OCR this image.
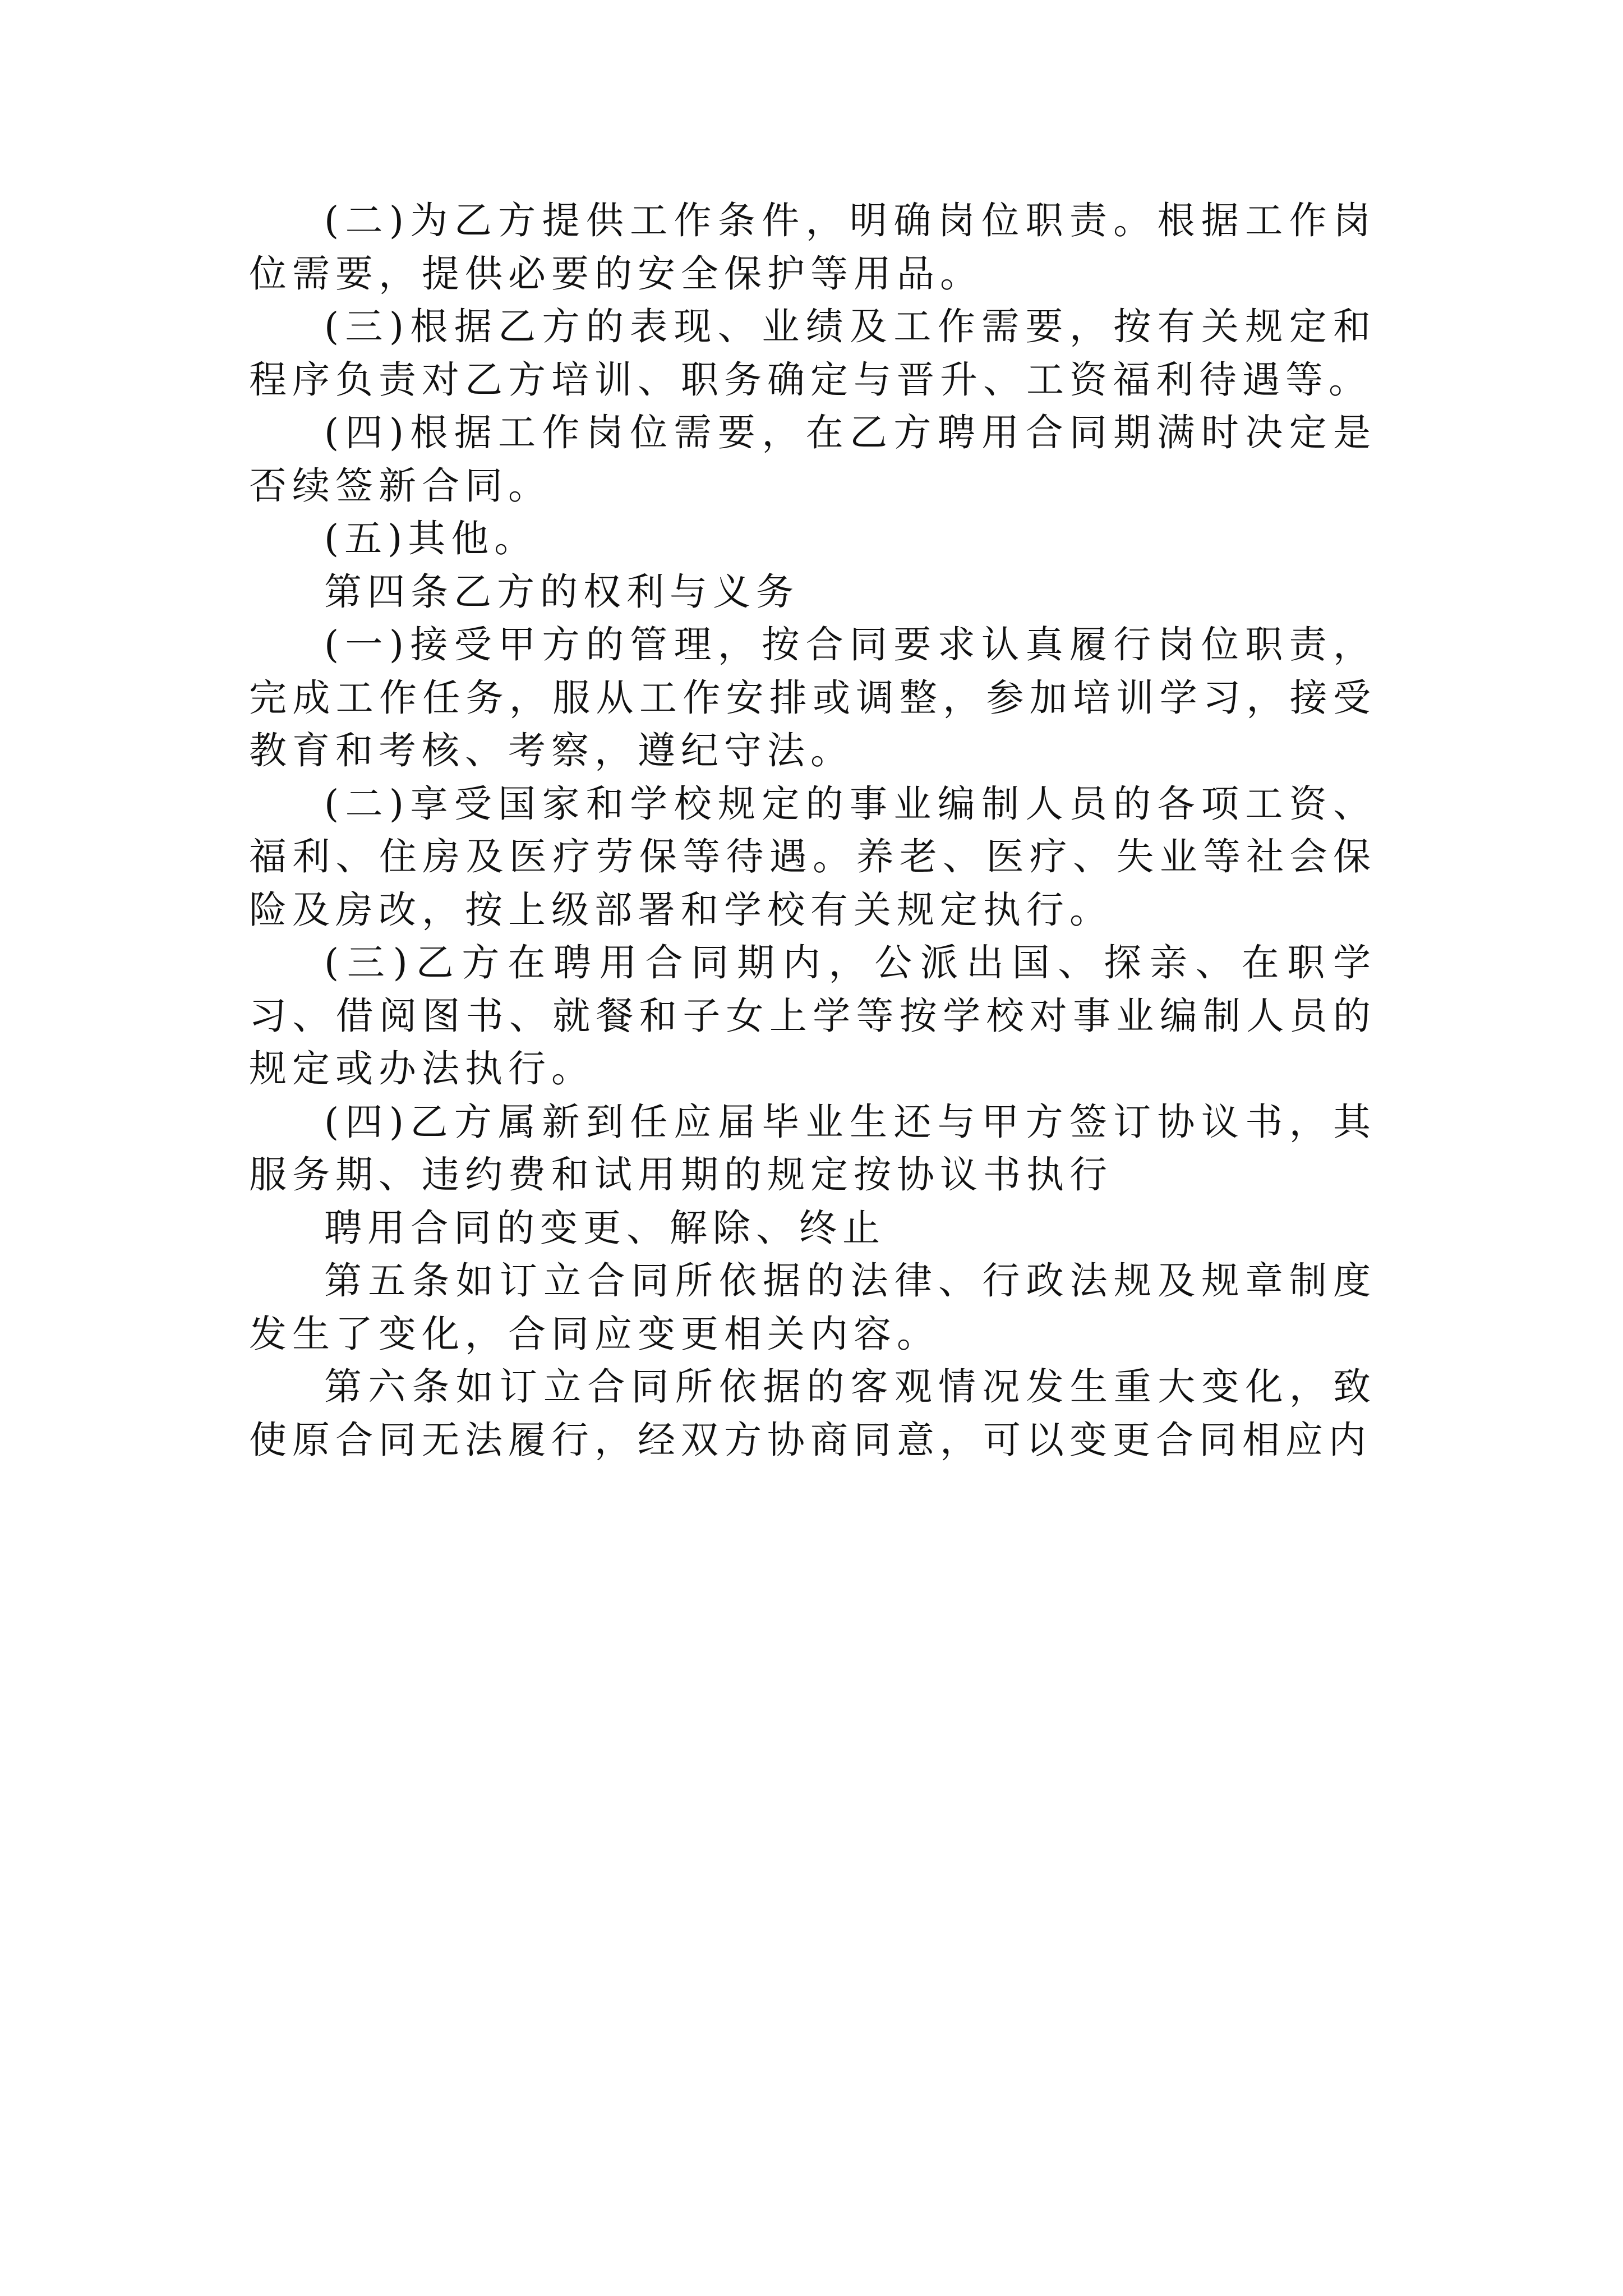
(二)为乙方提供工作条件，明确岗位职责。根据工作岗位需要，提供必要的安全保护等用品。

(三)根据乙方的表现、业绩及工作需要，按有关规定和程序负责对乙方培训、职务确定与晋升、工资福利待遇等。

(四)根据工作岗位需要，在乙方聘用合同期满时决定是否续签新合同。

(五)其他。

第四条乙方的权利与义务

(一)接受甲方的管理，按合同要求认真履行岗位职责，完成工作任务，服从工作安排或调整，参加培训学习，接受教育和考核、考察，遵纪守法。

(二)享受国家和学校规定的事业编制人员的各项工资、福利、住房及医疗劳保等待遇。养老、医疗、失业等社会保险及房改，按上级部署和学校有关规定执行。

(三)乙方在聘用合同期内，公派出国、探亲、在职学习、借阅图书、就餐和子女上学等按学校对事业编制人员的规定或办法执行。

(四)乙方属新到任应届毕业生还与甲方签订协议书，其服务期、违约费和试用期的规定按协议书执行

聘用合同的变更、解除、终止

第五条如订立合同所依据的法律、行政法规及规章制度发生了变化，合同应变更相关内容。

第六条如订立合同所依据的客观情况发生重大变化，致使原合同无法履行，经双方协商同意，可以变更合同相应内
